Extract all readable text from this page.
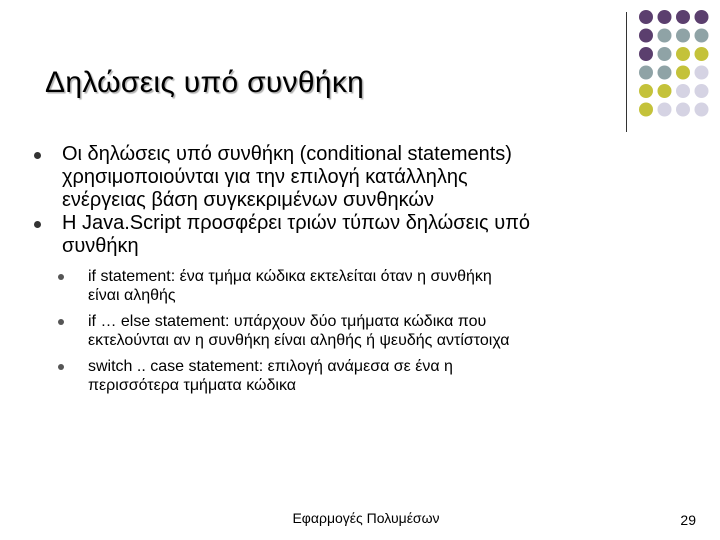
Δηλώσεις υπό συνθήκη

Οι δηλώσεις υπό συνθήκη (conditional statements)

χρησιμοποιούνται για την επιλογή κατάλληλης

ενέργειας βάση συγκεκριμένων συνθηκών

Η Java.Script προσφέρει τριών τύπων δηλώσεις υπό

συνθήκη

if statement: ένα τμήμα κώδικα εκτελείται όταν η συνθήκη

είναι αληθής

if … else statement: υπάρχουν δύο τμήματα κώδικα που

εκτελούνται αν η συνθήκη είναι αληθής ή ψευδής αντίστοιχα

switch .. case statement: επιλογή ανάμεσα σε ένα η

περισσότερα τμήματα κώδικα

Εφαρμογές Πολυμέσων	29
